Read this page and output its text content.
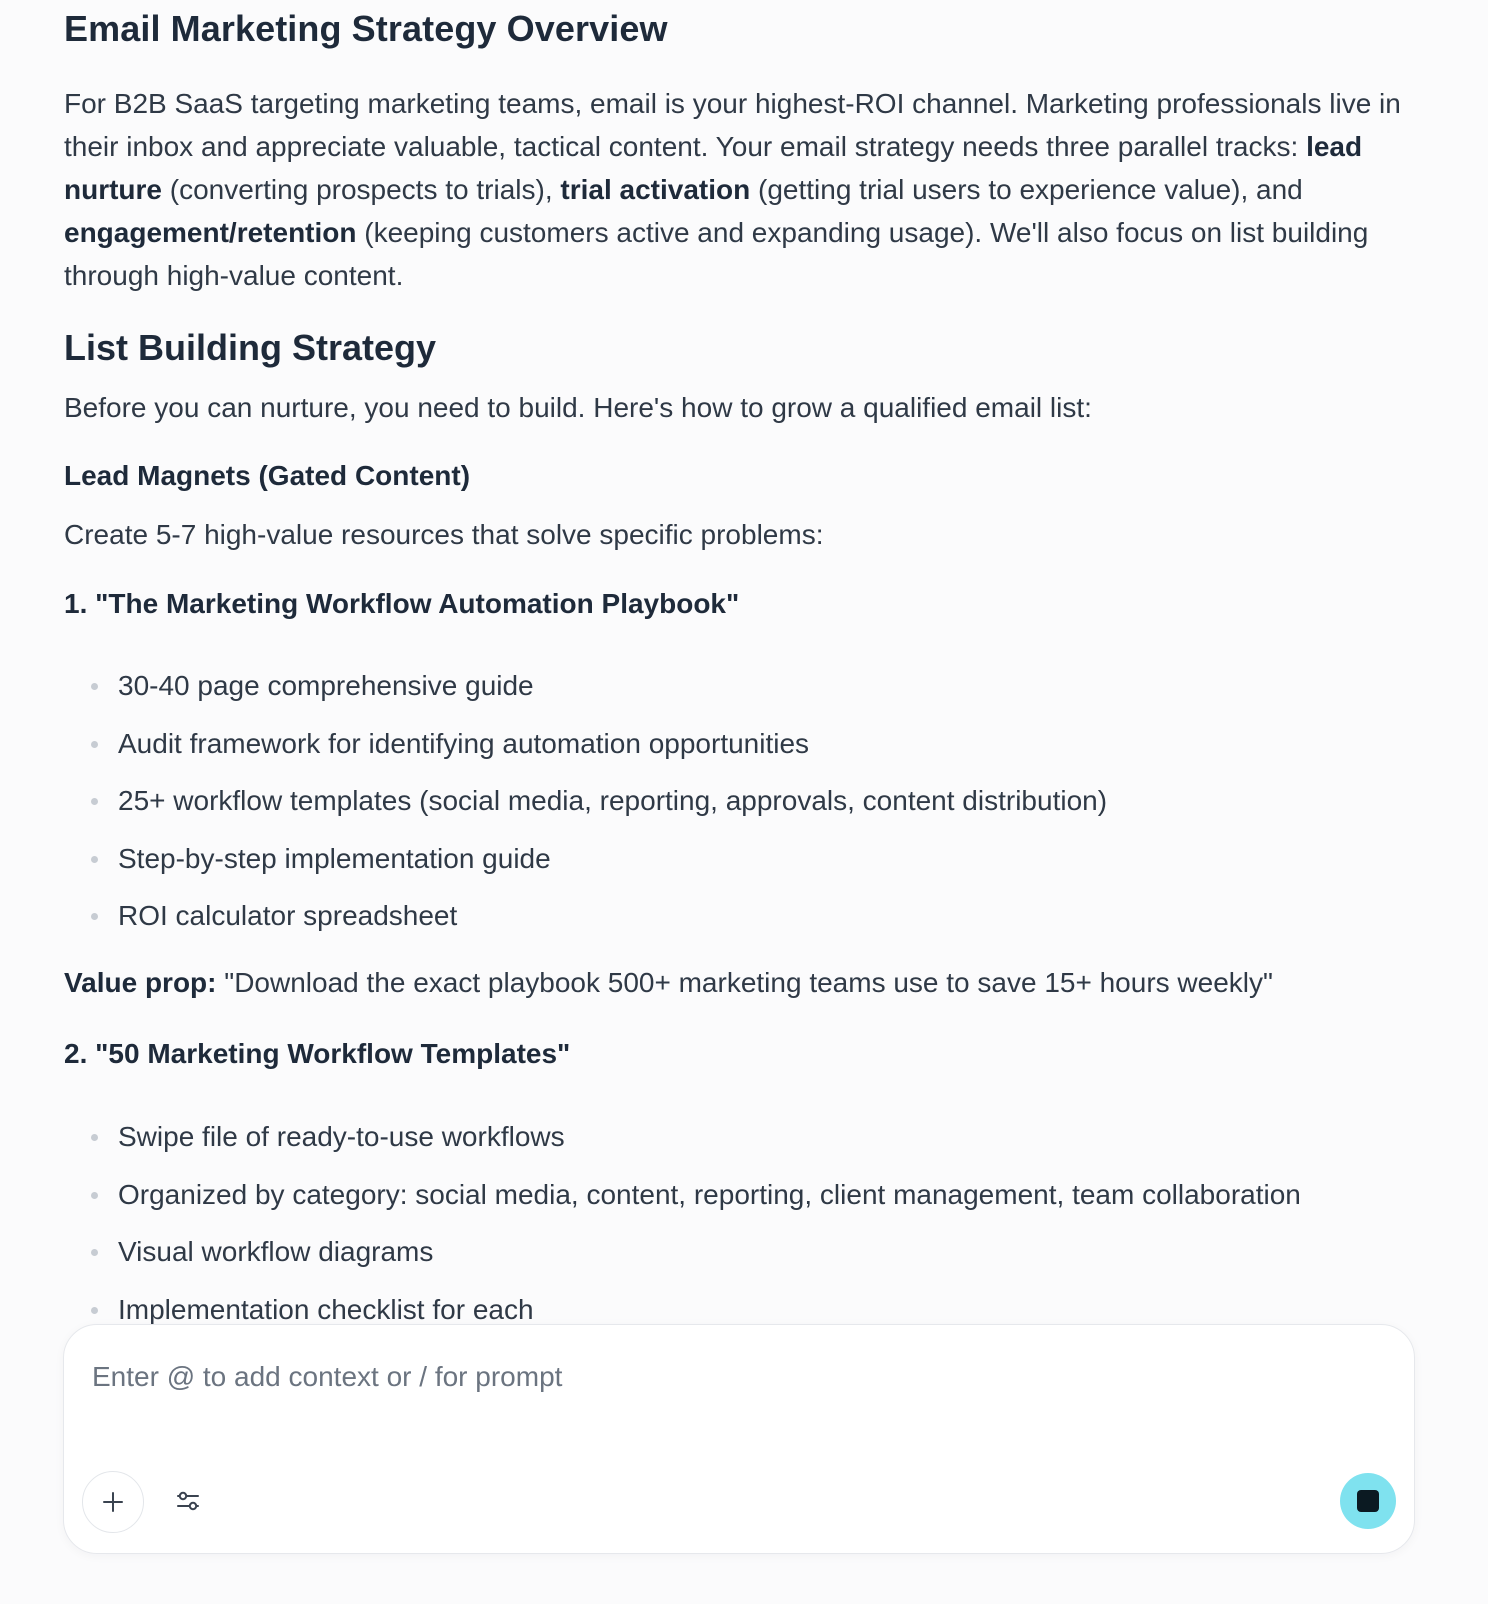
Email Marketing Strategy Overview

For B2B SaaS targeting marketing teams, email is your highest-ROI channel. Marketing professionals live in their inbox and appreciate valuable, tactical content. Your email strategy needs three parallel tracks: lead nurture (converting prospects to trials), trial activation (getting trial users to experience value), and engagement/retention (keeping customers active and expanding usage). We'll also focus on list building through high-value content.

List Building Strategy

Before you can nurture, you need to build. Here's how to grow a qualified email list:

Lead Magnets (Gated Content)

Create 5-7 high-value resources that solve specific problems:

1. "The Marketing Workflow Automation Playbook"
30-40 page comprehensive guide
Audit framework for identifying automation opportunities
25+ workflow templates (social media, reporting, approvals, content distribution)
Step-by-step implementation guide
ROI calculator spreadsheet

Value prop: "Download the exact playbook 500+ marketing teams use to save 15+ hours weekly"

2. "50 Marketing Workflow Templates"
Swipe file of ready-to-use workflows
Organized by category: social media, content, reporting, client management, team collaboration
Visual workflow diagrams
Implementation checklist for each
Enter @ to add context or / for prompt
